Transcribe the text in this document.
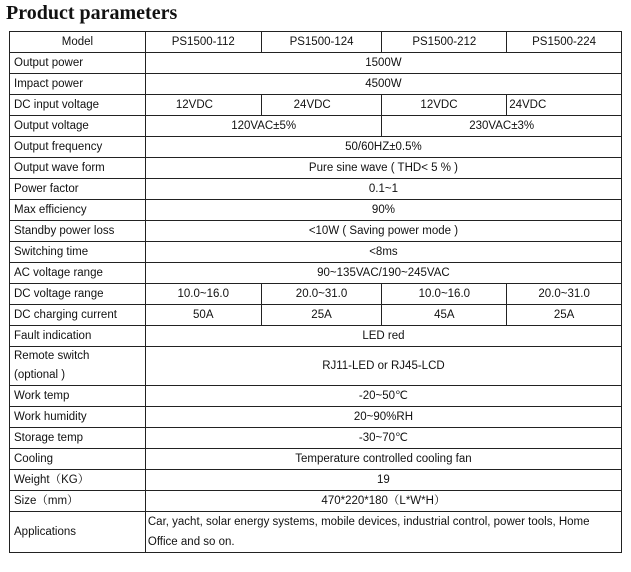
Product parameters
Model	PS1500-112	PS1500-124	PS1500-212	PS1500-224
Output power	1500W			
Impact power	4500W			
DC input voltage	12VDC	24VDC	12VDC	24VDC
Output voltage	120VAC±5%		230VAC±3%	
Output frequency	50/60HZ±0.5%			
Output wave form	Pure sine wave ( THD< 5 % )			
Power factor	0.1~1			
Max efficiency	90%			
Standby power loss	<10W ( Saving power mode )			
Switching time	<8ms			
AC voltage range	90~135VAC/190~245VAC			
DC voltage range	10.0~16.0	20.0~31.0	10.0~16.0	20.0~31.0
DC charging current	50A	25A	45A	25A
Fault indication	LED red			

Remote switch
(optional )	RJ11-LED or RJ45-LCD			
Work temp	-20~50℃			
Work humidity	20~90%RH			
Storage temp	-30~70℃			
Cooling	Temperature controlled cooling fan			
Weight（KG）	19			
Size（mm）	470*220*180（L*W*H）			
Applications	Car, yacht, solar energy systems, mobile devices, industrial control, power tools, Home Office and so on.			
